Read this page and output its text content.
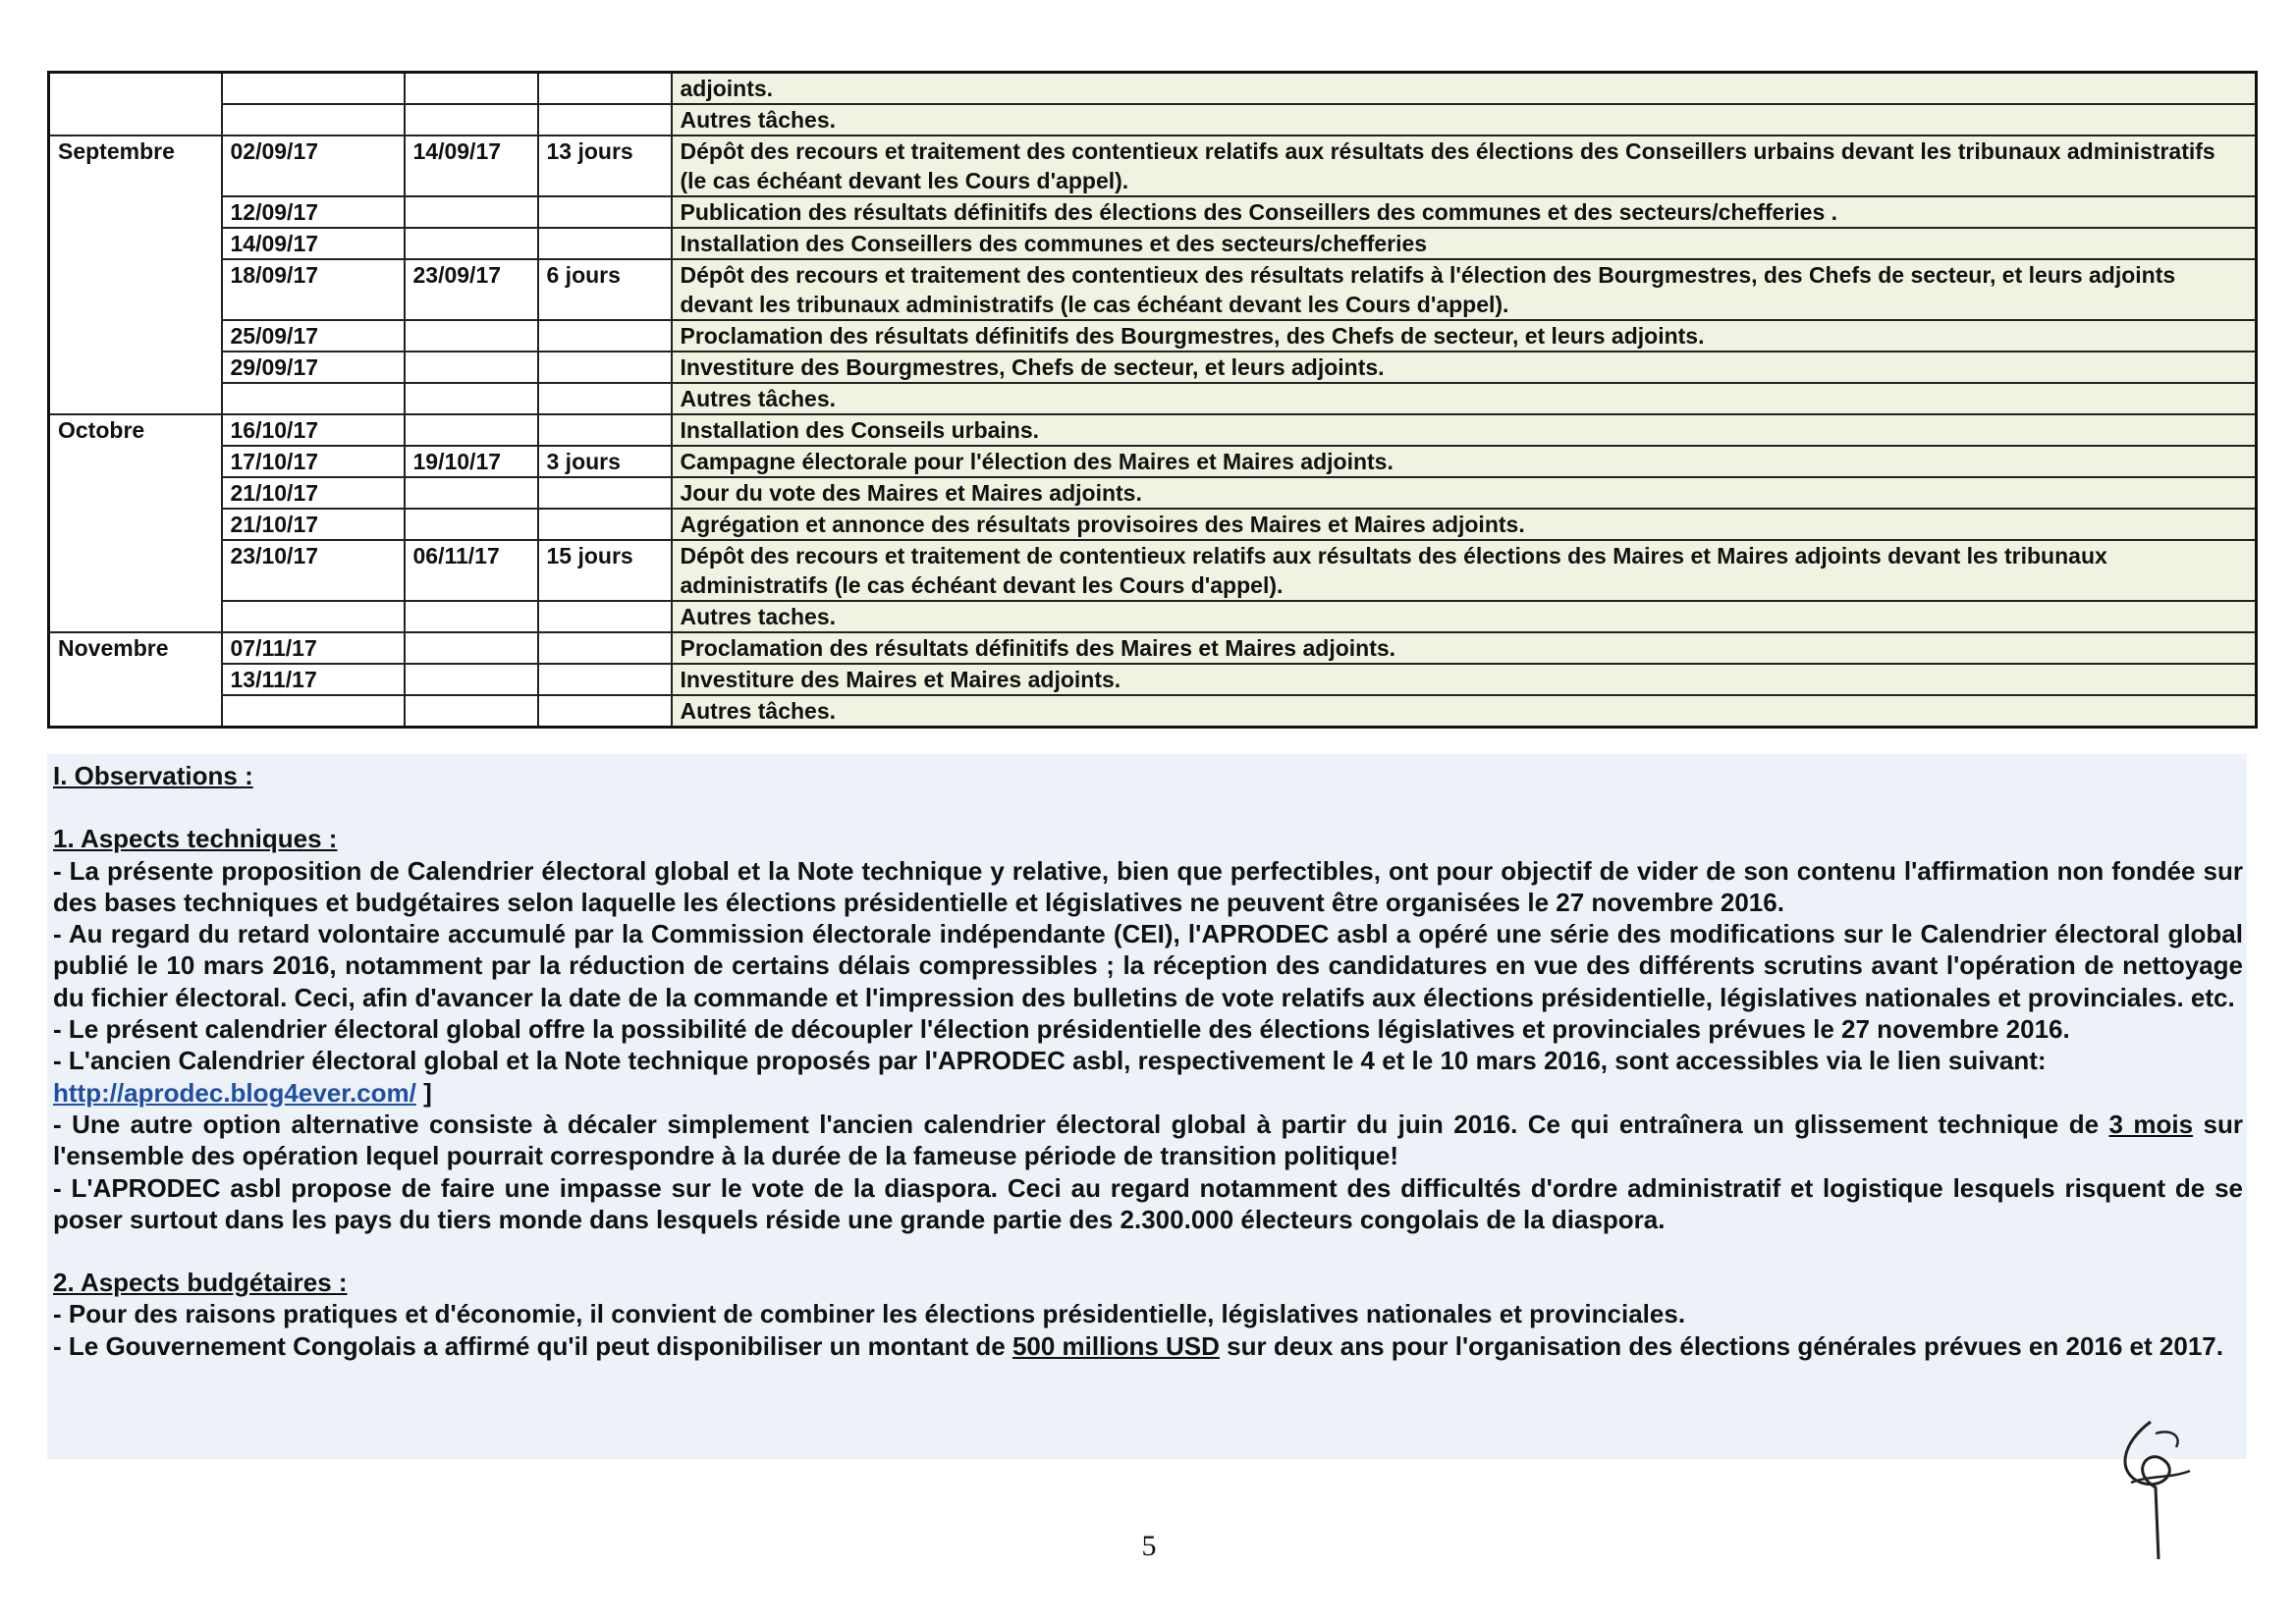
				adjoints.
				Autres tâches.
Septembre	02/09/17	14/09/17	13 jours	Dépôt des recours et traitement des contentieux relatifs aux résultats des élections des Conseillers urbains devant les tribunaux administratifs (le cas échéant devant les Cours d'appel).
	12/09/17			Publication des résultats définitifs des élections des Conseillers des communes et des secteurs/chefferies .
	14/09/17			Installation des Conseillers des communes et des secteurs/chefferies
	18/09/17	23/09/17	6 jours	Dépôt des recours et traitement des contentieux des résultats relatifs à l'élection des Bourgmestres, des Chefs de secteur, et leurs adjoints devant les tribunaux administratifs (le cas échéant devant les Cours d'appel).
	25/09/17			Proclamation des résultats définitifs des Bourgmestres, des Chefs de secteur, et leurs adjoints.
	29/09/17			Investiture des Bourgmestres, Chefs de secteur, et leurs adjoints.
				Autres tâches.
Octobre	16/10/17			Installation des Conseils urbains.
	17/10/17	19/10/17	3 jours	Campagne électorale pour l'élection des Maires et Maires adjoints.
	21/10/17			Jour du vote des Maires et Maires adjoints.
	21/10/17			Agrégation et annonce des résultats provisoires des Maires et Maires adjoints.
	23/10/17	06/11/17	15 jours	Dépôt des recours et traitement de contentieux relatifs aux résultats des élections des Maires et Maires adjoints devant les tribunaux administratifs (le cas échéant devant les Cours d'appel).
				Autres taches.
Novembre	07/11/17			Proclamation des résultats définitifs des Maires et Maires adjoints.
	13/11/17			Investiture des Maires et Maires adjoints.
				Autres tâches.

I. Observations :

1. Aspects techniques :

- La présente proposition de Calendrier électoral global et la Note technique y relative, bien que perfectibles, ont pour objectif de vider de son contenu l'affirmation non fondée sur des bases techniques et budgétaires selon laquelle les élections présidentielle et législatives ne peuvent être organisées le 27 novembre 2016.

- Au regard du retard volontaire accumulé par la Commission électorale indépendante (CEI), l'APRODEC asbl a opéré une série des modifications sur le Calendrier électoral global publié le 10 mars 2016, notamment par la réduction de certains délais compressibles ; la réception des candidatures en vue des différents scrutins avant l'opération de nettoyage du fichier électoral. Ceci, afin d'avancer la date de la commande et l'impression des bulletins de vote relatifs aux élections présidentielle, législatives nationales et provinciales. etc.

- Le présent calendrier électoral global offre la possibilité de découpler l'élection présidentielle des élections législatives et provinciales prévues le 27 novembre 2016.

- L'ancien Calendrier électoral global et la Note technique proposés par l'APRODEC asbl, respectivement le 4 et le 10 mars 2016, sont accessibles via le lien suivant:
http://aprodec.blog4ever.com/ ]

- Une autre option alternative consiste à décaler simplement l'ancien calendrier électoral global à partir du juin 2016. Ce qui entraînera un glissement technique de 3 mois sur l'ensemble des opération lequel pourrait correspondre à la durée de la fameuse période de transition politique!

- L'APRODEC asbl propose de faire une impasse sur le vote de la diaspora. Ceci au regard notamment des difficultés d'ordre administratif et logistique lesquels risquent de se poser surtout dans les pays du tiers monde dans lesquels réside une grande partie des 2.300.000 électeurs congolais de la diaspora.

2. Aspects budgétaires :

- Pour des raisons pratiques et d'économie, il convient de combiner les élections présidentielle, législatives nationales et provinciales.

- Le Gouvernement Congolais a affirmé qu'il peut disponibiliser un montant de 500 millions USD sur deux ans pour l'organisation des élections générales prévues en 2016 et 2017.

5
